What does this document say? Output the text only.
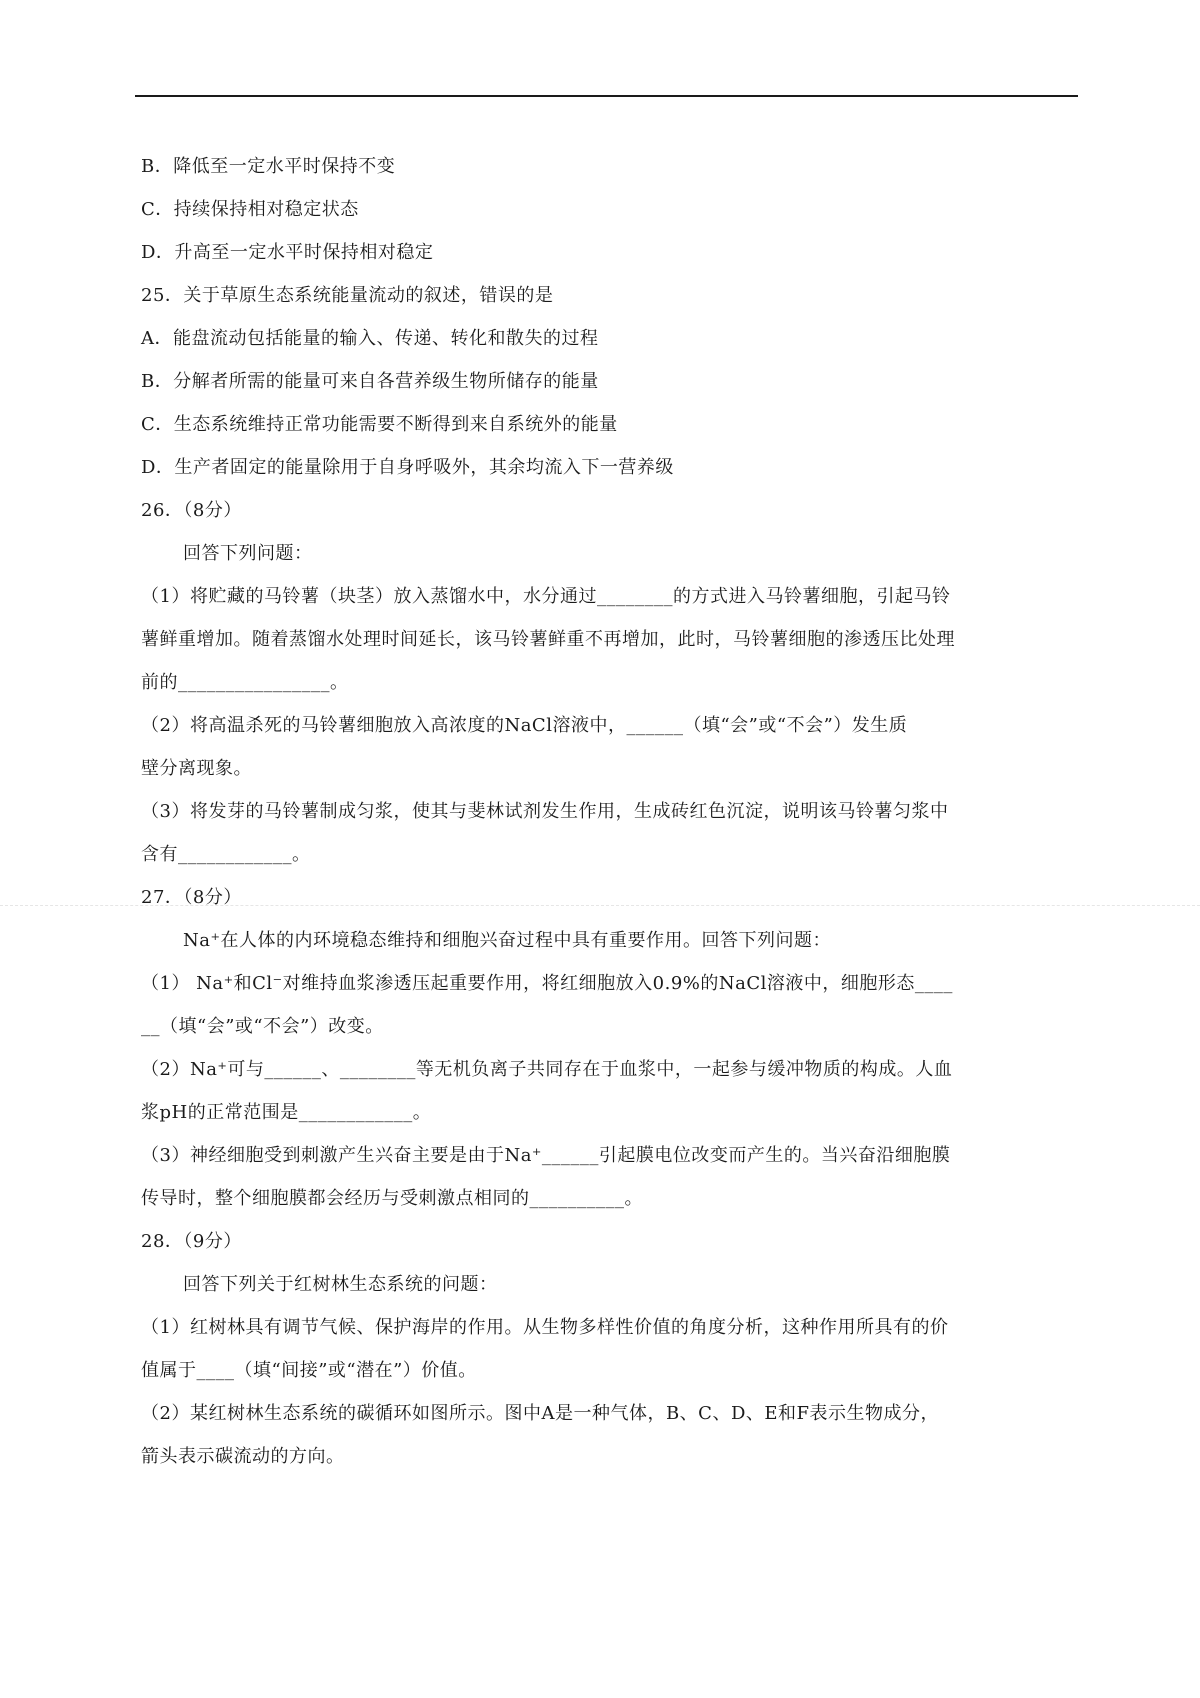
B．降低至一定水平时保持不变
C．持续保持相对稳定状态
D．升高至一定水平时保持相对稳定
25．关于草原生态系统能量流动的叙述，错误的是
A．能盘流动包括能量的输入、传递、转化和散失的过程
B．分解者所需的能量可来自各营养级生物所储存的能量
C．生态系统维持正常功能需要不断得到来自系统外的能量
D．生产者固定的能量除用于自身呼吸外，其余均流入下一营养级
26．（8分）
回答下列问题：
（1）将贮藏的马铃薯（块茎）放入蒸馏水中，水分通过________的方式进入马铃薯细胞，引起马铃
薯鲜重增加。随着蒸馏水处理时间延长，该马铃薯鲜重不再增加，此时，马铃薯细胞的渗透压比处理
前的________________。
（2）将高温杀死的马铃薯细胞放入高浓度的NaCl溶液中，______（填“会”或“不会”）发生质
壁分离现象。
（3）将发芽的马铃薯制成匀浆，使其与斐林试剂发生作用，生成砖红色沉淀，说明该马铃薯匀浆中
含有____________。
27．（8分）
Na⁺在人体的内环境稳态维持和细胞兴奋过程中具有重要作用。回答下列问题：
（1） Na⁺和Cl⁻对维持血浆渗透压起重要作用，将红细胞放入0.9%的NaCl溶液中，细胞形态____
__（填“会”或“不会”）改变。
（2）Na⁺可与______、________等无机负离子共同存在于血浆中，一起参与缓冲物质的构成。人血
浆pH的正常范围是____________。
（3）神经细胞受到刺激产生兴奋主要是由于Na⁺______引起膜电位改变而产生的。当兴奋沿细胞膜
传导时，整个细胞膜都会经历与受刺激点相同的__________。
28．（9分）
回答下列关于红树林生态系统的问题：
（1）红树林具有调节气候、保护海岸的作用。从生物多样性价值的角度分析，这种作用所具有的价
值属于____（填“间接”或“潜在”）价值。
（2）某红树林生态系统的碳循环如图所示。图中A是一种气体，B、C、D、E和F表示生物成分，
箭头表示碳流动的方向。
